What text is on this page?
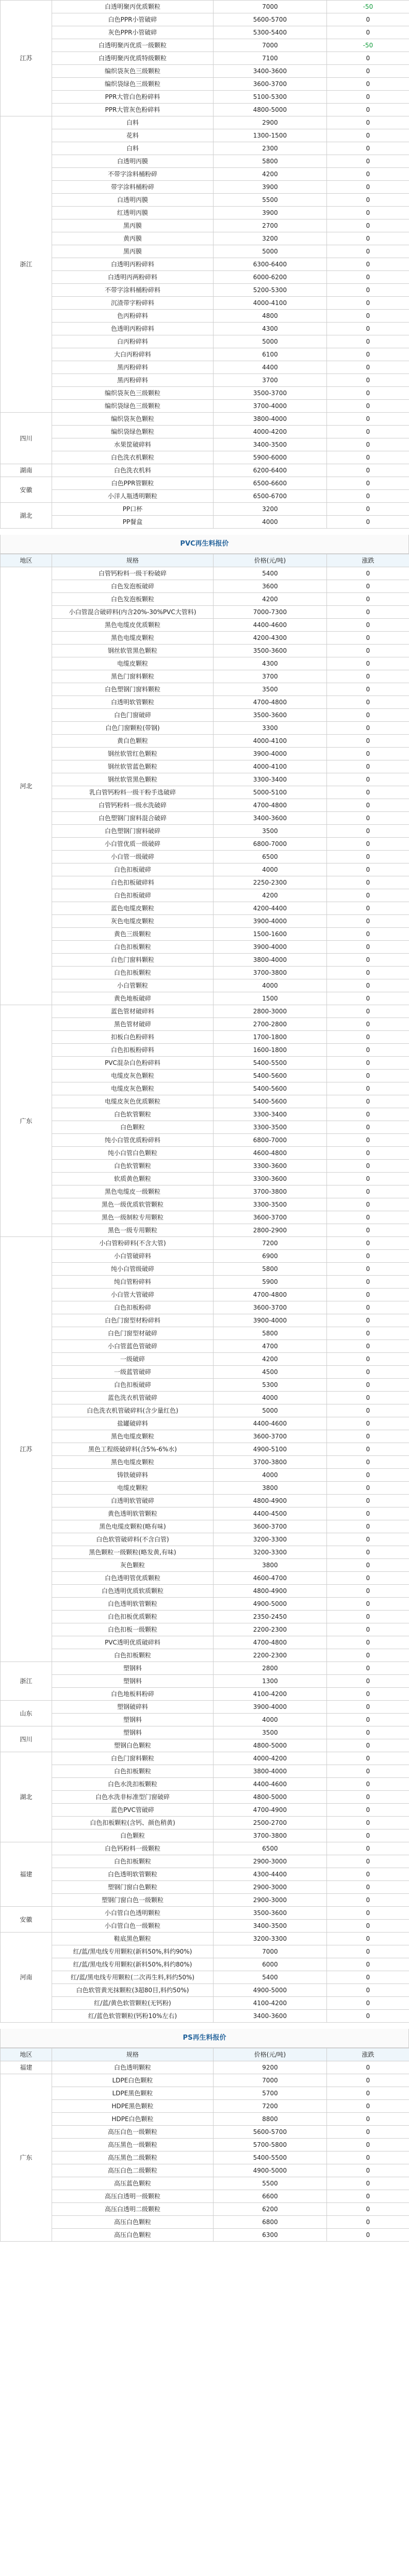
江苏	白透明聚丙优质颗粒	7000	-50
	白色PPR小管破碎	5600-5700	0
	灰色PPR小管破碎	5300-5400	0
	白透明聚丙优质一级颗粒	7000	-50
	白透明聚丙优质特级颗粒	7100	0
	编织袋灰色三级颗粒	3400-3600	0
	编织袋绿色三级颗粒	3600-3700	0
	PPR大管白色粉碎料	5100-5300	0
	PPR大管灰色粉碎料	4800-5000	0
浙江	白料	2900	0
	花料	1300-1500	0
	白料	2300	0
	白透明丙膜	5800	0
	不带字涂料桶粉碎	4200	0
	带字涂料桶粉碎	3900	0
	白透明丙膜	5500	0
	红透明丙膜	3900	0
	黑丙膜	2700	0
	黄丙膜	3200	0
	黑丙膜	5000	0
	白透明丙粉碎料	6300-6400	0
	白透明丙两粉碎料	6000-6200	0
	不带字涂料桶粉碎料	5200-5300	0
	沉渣带字粉碎料	4000-4100	0
	色丙粉碎料	4800	0
	色透明丙粉碎料	4300	0
	白丙粉碎料	5000	0
	大白丙粉碎料	6100	0
	黑丙粉碎料	4400	0
	黑丙粉碎料	3700	0
	编织袋灰色三级颗粒	3500-3700	0
	编织袋绿色三级颗粒	3700-4000	0
四川	编织袋灰色颗粒	3800-4000	0
	编织袋绿色颗粒	4000-4200	0
	水果筐破碎料	3400-3500	0
	白色洗衣机颗粒	5900-6000	0
湖南	白色洗衣机料	6200-6400	0
安徽	白色PPR管颗粒	6500-6600	0
	小洋人瓶透明颗粒	6500-6700	0
湖北	PP口杯	3200	0
	PP餐盒	4000	0
PVC再生料报价
地区	规格	价格(元/吨)	涨跌
河北	白管钙粉料一级干粉破碎	5400	0
	白色发泡板破碎	3600	0
	白色发泡板颗粒	4200	0
	小白管混合破碎料(内含20%-30%PVC大管料)	7000-7300	0
	黑色电缆皮优质颗粒	4400-4600	0
	黑色电缆皮颗粒	4200-4300	0
	钢丝软管黑色颗粒	3500-3600	0
	电缆皮颗粒	4300	0
	黑色门窗料颗粒	3700	0
	白色塑钢门窗料颗粒	3500	0
	白透明软管颗粒	4700-4800	0
	白色门窗破碎	3500-3600	0
	白色门窗颗粒(带钢)	3300	0
	黄白色颗粒	4000-4100	0
	钢丝软管红色颗粒	3900-4000	0
	钢丝软管蓝色颗粒	4000-4100	0
	钢丝软管黑色颗粒	3300-3400	0
	乳白管钙粉料一级干粉手选破碎	5000-5100	0
	白管钙粉料一级水洗破碎	4700-4800	0
	白色塑钢门窗料混合破碎	3400-3600	0
	白色塑钢门窗料破碎	3500	0
	小白管优质一级破碎	6800-7000	0
	小白管一级破碎	6500	0
	白色扣板破碎	4000	0
	白色扣板破碎料	2250-2300	0
	白色扣板破碎	4200	0
	蓝色电缆皮颗粒	4200-4400	0
	灰色电缆皮颗粒	3900-4000	0
	黄色三级颗粒	1500-1600	0
	白色扣板颗粒	3900-4000	0
	白色门窗料颗粒	3800-4000	0
	白色扣板颗粒	3700-3800	0
	小白管颗粒	4000	0
	黄色地板破碎	1500	0
广东	蓝色管材破碎料	2800-3000	0
	黑色管材破碎	2700-2800	0
	扣板白色粉碎料	1700-1800	0
	白色扣板粉碎料	1600-1800	0
	PVC混杂白色粉碎料	5400-5500	0
	电缆皮灰色颗粒	5400-5600	0
	电缆皮灰色颗粒	5400-5600	0
	电缆皮灰色优质颗粒	5400-5600	0
	白色软管颗粒	3300-3400	0
	白色颗粒	3300-3500	0
	纯小白管优质粉碎料	6800-7000	0
	纯小白管白色颗粒	4600-4800	0
	白色软管颗粒	3300-3600	0
	软质黄色颗粒	3300-3600	0
	黑色电缆皮一级颗粒	3700-3800	0
	黑色一级优质软管颗粒	3300-3500	0
	黑色一级制粒专用颗粒	3600-3700	0
	黑色一级专用颗粒	2800-2900	0
江苏	小白管粉碎料(不含大管)	7200	0
	小白管破碎料	6900	0
	纯小白管级破碎	5800	0
	纯白管粉碎料	5900	0
	小白管大管破碎	4700-4800	0
	白色扣板粉碎	3600-3700	0
	白色门窗型材粉碎料	3900-4000	0
	白色门窗型材破碎	5800	0
	小白管蓝色管破碎	4700	0
	一级破碎	4200	0
	一级蓝管破碎	4500	0
	白色扣板破碎	5300	0
	蓝色洗衣机管破碎	4000	0
	白色洗衣机管破碎料(含少量红色)	5000	0
	盐罐破碎料	4400-4600	0
	黑色电缆皮颗粒	3600-3700	0
	黑色工程级破碎料(含5%-6%水)	4900-5100	0
	黑色电缆皮颗粒	3700-3800	0
	铸铁破碎料	4000	0
	电缆皮颗粒	3800	0
	白透明软管破碎	4800-4900	0
	黄色透明软管颗粒	4400-4500	0
	黑色电缆皮颗粒(略有味)	3600-3700	0
	白色软管破碎料(不含白管)	3200-3300	0
	黑色颗粒一级颗粒(略发黄,有味)	3200-3300	0
	灰色颗粒	3800	0
	白色透明管优质颗粒	4600-4700	0
	白色透明优质软质颗粒	4800-4900	0
	白色透明软管颗粒	4900-5000	0
	白色扣板优质颗粒	2350-2450	0
	白色扣板一级颗粒	2200-2300	0
	PVC透明优质破碎料	4700-4800	0
	白色扣板颗粒	2200-2300	0
浙江	塑钢料	2800	0
	塑钢料	1300	0
	白色地板料粉碎	4100-4200	0
山东	塑钢破碎料	3900-4000	0
	塑钢料	4000	0
四川	塑钢料	3500	0
	塑钢白色颗粒	4800-5000	0
湖北	白色门窗料颗粒	4000-4200	0
	白色扣板颗粒	3800-4000	0
	白色水洗扣板颗粒	4400-4600	0
	白色水洗非标准型门窗破碎	4800-5000	0
	蓝色PVC管破碎	4700-4900	0
	白色扣板颗粒(含钙、颜色稍黄)	2500-2700	0
	白色颗粒	3700-3800	0
福建	白色钙粉料一级颗粒	6500	0
	白色扣板颗粒	2900-3000	0
	白色透明软管颗粒	4300-4400	0
	塑钢门窗白色颗粒	2900-3000	0
	塑钢门窗白色一级颗粒	2900-3000	0
安徽	小白管白色透明颗粒	3500-3600	0
	小白管白色一级颗粒	3400-3500	0
河南	鞋底黑色颗粒	3200-3300	0
	红/蓝/黑电线专用颗粒(新料50%,料约90%)	7000	0
	红/蓝/黑电线专用颗粒(新料50%,料约80%)	6000	0
	红/蓝/黑电线专用颗粒(二次再生料,料约50%)	5400	0
	白色软管黄光抹颗粒(3超80目,料约50%)	4900-5000	0
	红/蓝/黄色软管颗粒(无钙粉)	4100-4200	0
	红/蓝色软管颗粒(钙粉10%左右)	3400-3600	0
PS再生料报价
地区	规格	价格(元/吨)	涨跌
福建	白色透明颗粒	9200	0
广东	LDPE白色颗粒	7000	0
	LDPE黑色颗粒	5700	0
	HDPE黑色颗粒	7200	0
	HDPE白色颗粒	8800	0
	高压白色一级颗粒	5600-5700	0
	高压黑色一级颗粒	5700-5800	0
	高压黑色二级颗粒	5400-5500	0
	高压白色二级颗粒	4900-5000	0
	高压蓝色颗粒	5500	0
	高压白透明一级颗粒	6600	0
	高压白透明二级颗粒	6200	0
	高压白色颗粒	6800	0
	高压白色颗粒	6300	0
